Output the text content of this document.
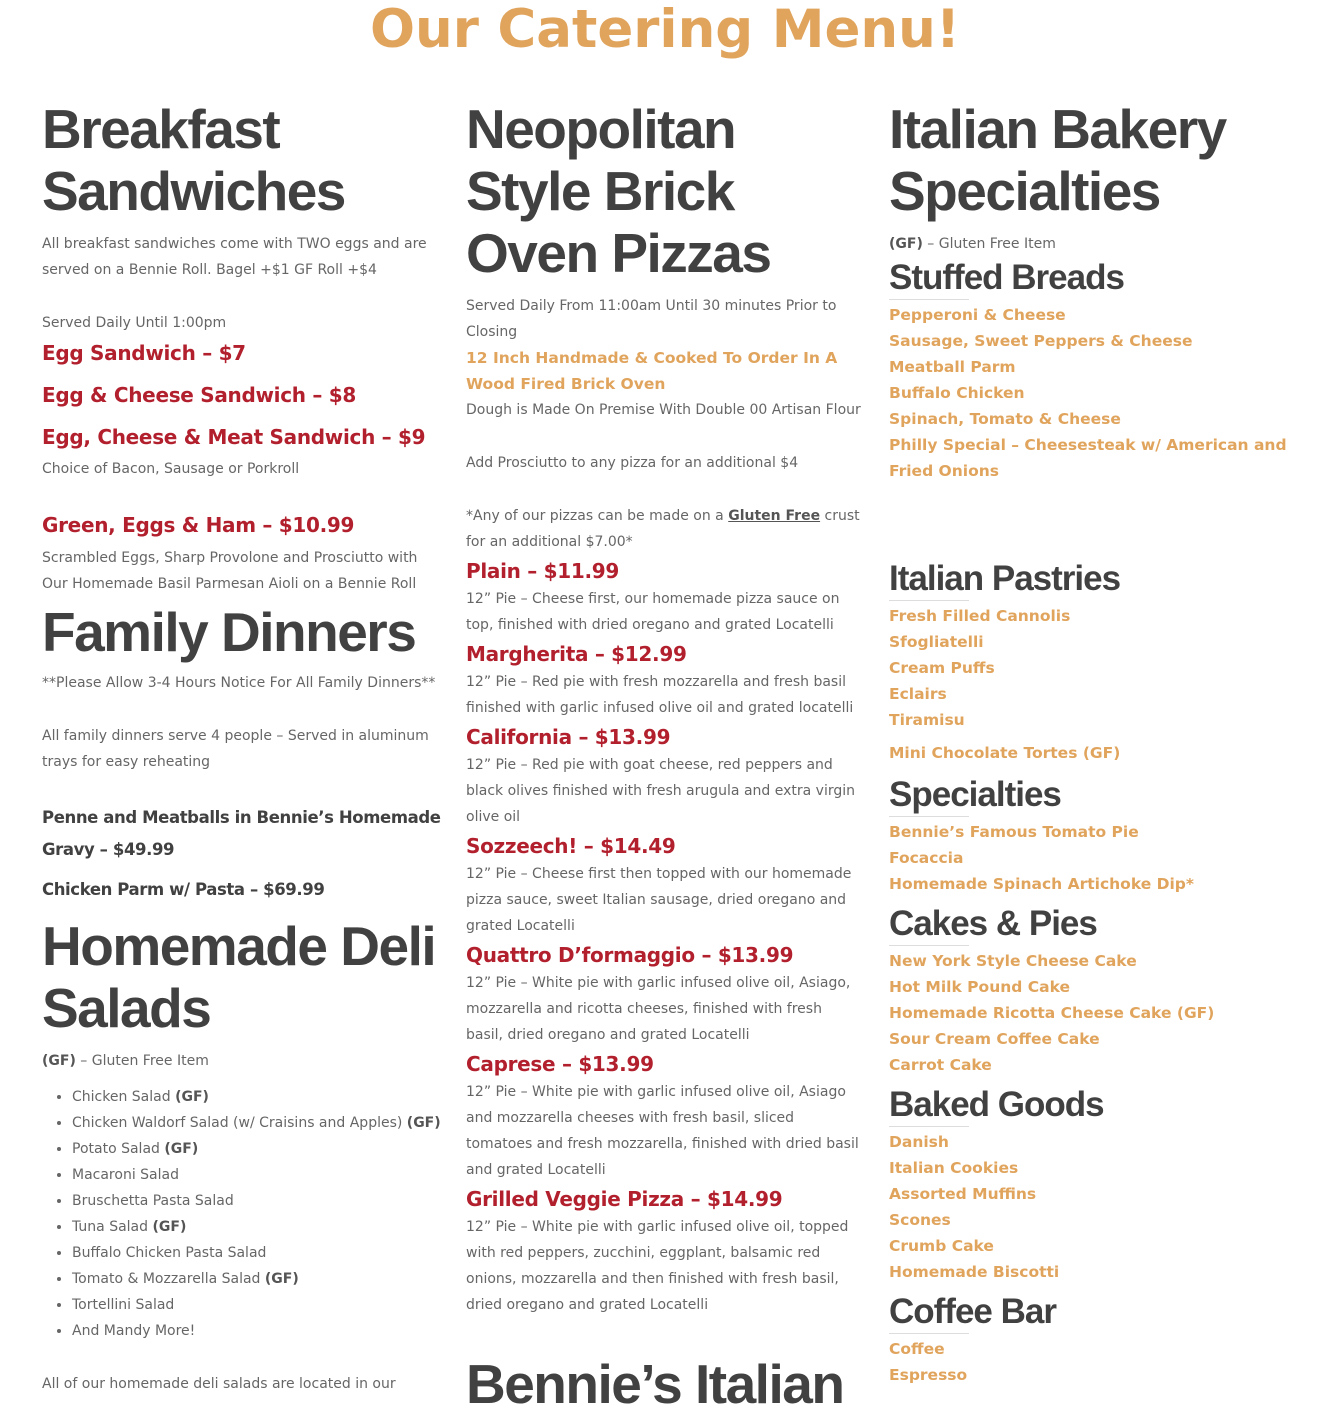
Our Catering Menu!
Breakfast Sandwiches

All breakfast sandwiches come with TWO eggs and are served on a Bennie Roll. Bagel +$1 GF Roll +$4

Served Daily Until 1:00pm

Egg Sandwich – $7

Egg & Cheese Sandwich – $8

Egg, Cheese & Meat Sandwich – $9

Choice of Bacon, Sausage or Porkroll

Green, Eggs & Ham – $10.99

Scrambled Eggs, Sharp Provolone and Prosciutto with Our Homemade Basil Parmesan Aioli on a Bennie Roll

Family Dinners

**Please Allow 3-4 Hours Notice For All Family Dinners**

All family dinners serve 4 people – Served in aluminum trays for easy reheating

Penne and Meatballs in Bennie’s Homemade Gravy – $49.99

Chicken Parm w/ Pasta – $69.99

Homemade Deli Salads

(GF) – Gluten Free Item

• Chicken Salad (GF)
• Chicken Waldorf Salad (w/ Craisins and Apples) (GF)
• Potato Salad (GF)
• Macaroni Salad
• Bruschetta Pasta Salad
• Tuna Salad (GF)
• Buffalo Chicken Pasta Salad
• Tomato & Mozzarella Salad (GF)
• Tortellini Salad
• And Mandy More!

All of our homemade deli salads are located in our

Neopolitan Style Brick Oven Pizzas

Served Daily From 11:00am Until 30 minutes Prior to Closing

12 Inch Handmade & Cooked To Order In A Wood Fired Brick Oven

Dough is Made On Premise With Double 00 Artisan Flour

Add Prosciutto to any pizza for an additional $4

*Any of our pizzas can be made on a Gluten Free crust for an additional $7.00*

Plain – $11.99

12” Pie – Cheese first, our homemade pizza sauce on top, finished with dried oregano and grated Locatelli

Margherita – $12.99

12” Pie – Red pie with fresh mozzarella and fresh basil finished with garlic infused olive oil and grated locatelli

California – $13.99

12” Pie – Red pie with goat cheese, red peppers and black olives finished with fresh arugula and extra virgin olive oil

Sozzeech! – $14.49

12” Pie – Cheese first then topped with our homemade pizza sauce, sweet Italian sausage, dried oregano and grated Locatelli

Quattro D’formaggio – $13.99

12” Pie – White pie with garlic infused olive oil, Asiago, mozzarella and ricotta cheeses, finished with fresh basil, dried oregano and grated Locatelli

Caprese – $13.99

12” Pie – White pie with garlic infused olive oil, Asiago and mozzarella cheeses with fresh basil, sliced tomatoes and fresh mozzarella, finished with dried basil and grated Locatelli

Grilled Veggie Pizza – $14.99

12” Pie – White pie with garlic infused olive oil, topped with red peppers, zucchini, eggplant, balsamic red onions, mozzarella and then finished with fresh basil, dried oregano and grated Locatelli

Bennie’s Italian
Italian Bakery Specialties

(GF) – Gluten Free Item

Stuffed Breads

Pepperoni & Cheese

Sausage, Sweet Peppers & Cheese

Meatball Parm

Buffalo Chicken

Spinach, Tomato & Cheese

Philly Special – Cheesesteak w/ American and Fried Onions

Italian Pastries

Fresh Filled Cannolis

Sfogliatelli

Cream Puffs

Eclairs

Tiramisu

Mini Chocolate Tortes (GF)

Specialties

Bennie’s Famous Tomato Pie

Focaccia

Homemade Spinach Artichoke Dip*

Cakes & Pies

New York Style Cheese Cake

Hot Milk Pound Cake

Homemade Ricotta Cheese Cake (GF)

Sour Cream Coffee Cake

Carrot Cake

Baked Goods

Danish

Italian Cookies

Assorted Muffins

Scones

Crumb Cake

Homemade Biscotti

Coffee Bar

Coffee

Espresso
